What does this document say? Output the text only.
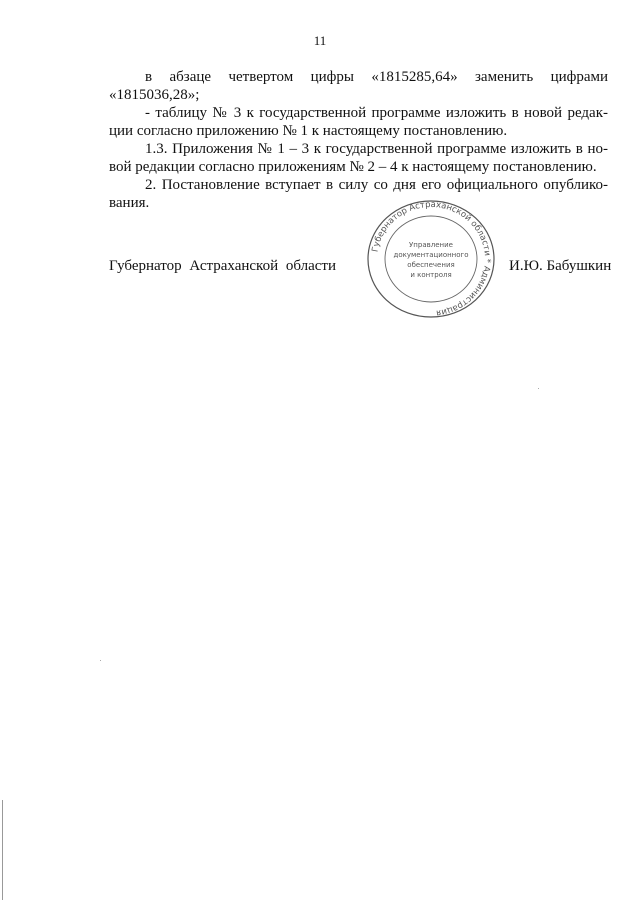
11

в абзаце четвертом цифры «1815285,64» заменить цифрами

«1815036,28»;

- таблицу № 3 к государственной программе изложить в новой редак-

ции согласно приложению № 1 к настоящему постановлению.

1.3. Приложения № 1 – 3 к государственной программе изложить в но-

вой редакции согласно приложениям № 2 – 4 к настоящему постановлению.

2. Постановление вступает в силу со дня его официального опублико-

вания.

Губернатор Астраханской области	И.Ю. Бабушкин
Губернатор Астраханской области * Администрация
Управление
документационного
обеспечения
и контроля
